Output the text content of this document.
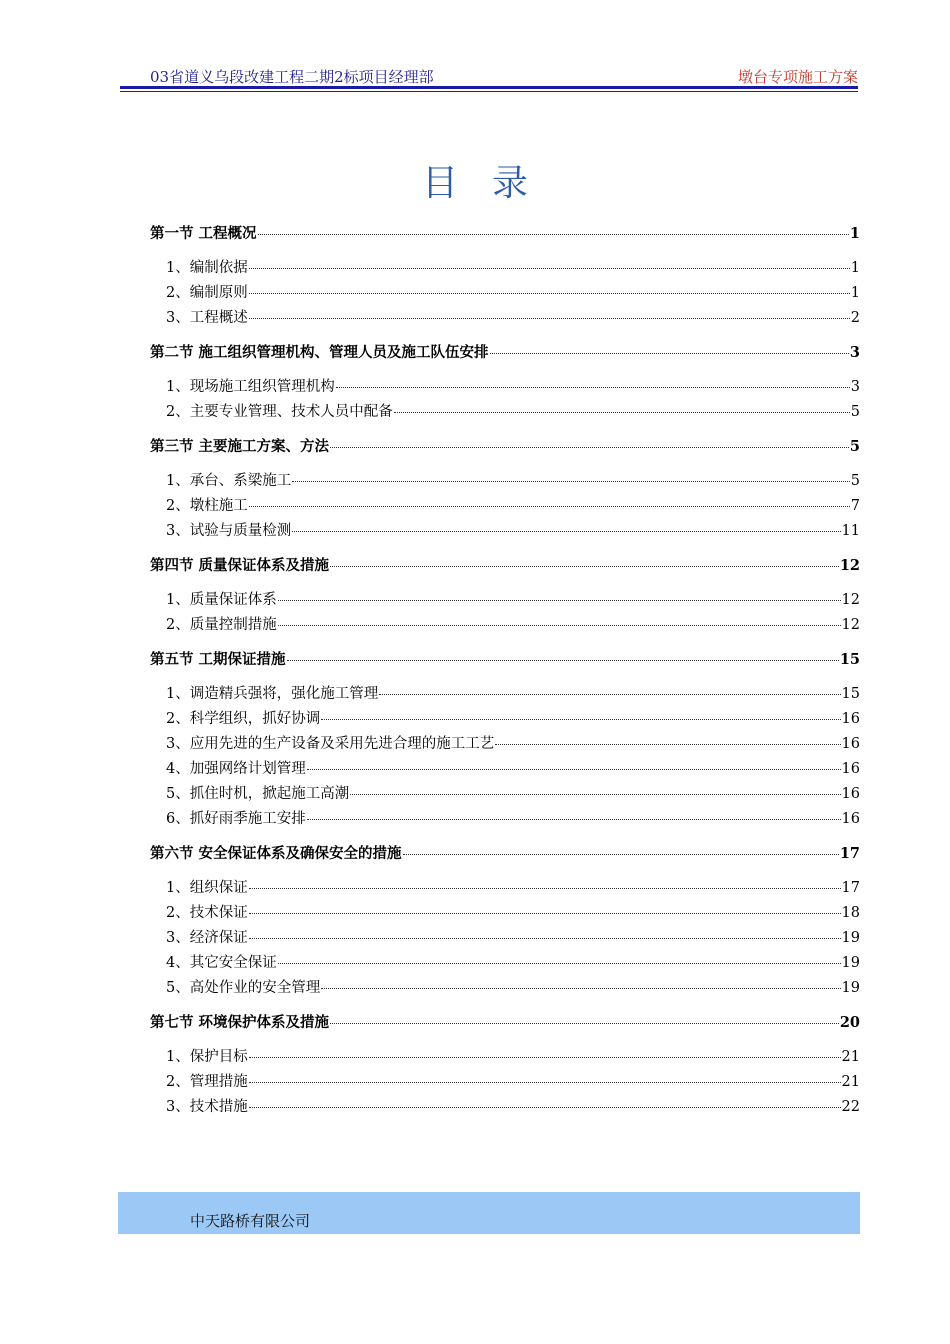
03省道义乌段改建工程二期2标项目经理部	墩台专项施工方案
目录
第一节 工程概况	1
1、编制依据	1
2、编制原则	1
3、工程概述	2
第二节 施工组织管理机构、管理人员及施工队伍安排	3
1、现场施工组织管理机构	3
2、主要专业管理、技术人员中配备	5
第三节 主要施工方案、方法	5
1、承台、系梁施工	5
2、墩柱施工	7
3、试验与质量检测	11
第四节 质量保证体系及措施	12
1、质量保证体系	12
2、质量控制措施	12
第五节 工期保证措施	15
1、调造精兵强将，强化施工管理	15
2、科学组织，抓好协调	16
3、应用先进的生产设备及采用先进合理的施工工艺	16
4、加强网络计划管理	16
5、抓住时机，掀起施工高潮	16
6、抓好雨季施工安排	16
第六节 安全保证体系及确保安全的措施	17
1、组织保证	17
2、技术保证	18
3、经济保证	19
4、其它安全保证	19
5、高处作业的安全管理	19
第七节 环境保护体系及措施	20
1、保护目标	21
2、管理措施	21
3、技术措施	22
中天路桥有限公司
